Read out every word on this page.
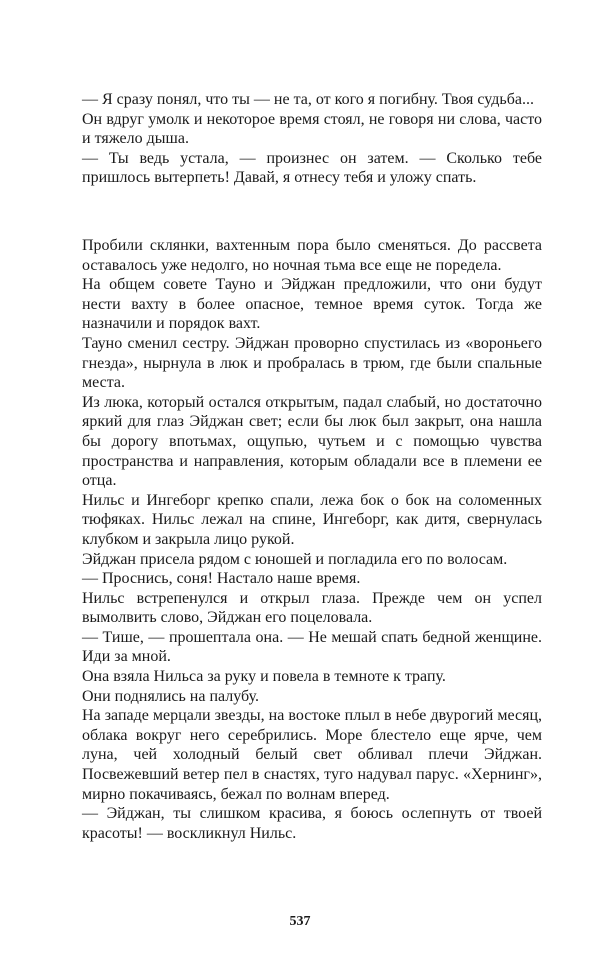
— Я сразу понял, что ты — не та, от кого я погибну. Твоя судьба...

Он вдруг умолк и некоторое время стоял, не говоря ни слова, часто и тяжело дыша.

— Ты ведь устала, — произнес он затем. — Сколько тебе пришлось вытерпеть! Давай, я отнесу тебя и уложу спать.

Пробили склянки, вахтенным пора было сменяться. До рассвета оставалось уже недолго, но ночная тьма все еще не поредела.

На общем совете Тауно и Эйджан предложили, что они будут нести вахту в более опасное, темное время суток. Тогда же назначили и порядок вахт.

Тауно сменил сестру. Эйджан проворно спустилась из «вороньего гнезда», нырнула в люк и пробралась в трюм, где были спальные места.

Из люка, который остался открытым, падал слабый, но достаточно яркий для глаз Эйджан свет; если бы люк был закрыт, она нашла бы дорогу впотьмах, ощупью, чутьем и с помощью чувства пространства и направления, которым обладали все в племени ее отца.

Нильс и Ингеборг крепко спали, лежа бок о бок на соломенных тюфяках. Нильс лежал на спине, Ингеборг, как дитя, свернулась клубком и закрыла лицо рукой.

Эйджан присела рядом с юношей и погладила его по волосам.

— Проснись, соня! Настало наше время.

Нильс встрепенулся и открыл глаза. Прежде чем он успел вымолвить слово, Эйджан его поцеловала.

— Тише, — прошептала она. — Не мешай спать бедной женщине. Иди за мной.

Она взяла Нильса за руку и повела в темноте к трапу.

Они поднялись на палубу.

На западе мерцали звезды, на востоке плыл в небе двурогий месяц, облака вокруг него серебрились. Море блестело еще ярче, чем луна, чей холодный белый свет обливал плечи Эйджан. Посвежевший ветер пел в снастях, туго надувал парус. «Хернинг», мирно покачиваясь, бежал по волнам вперед.

— Эйджан, ты слишком красива, я боюсь ослепнуть от твоей красоты! — воскликнул Нильс.

537
